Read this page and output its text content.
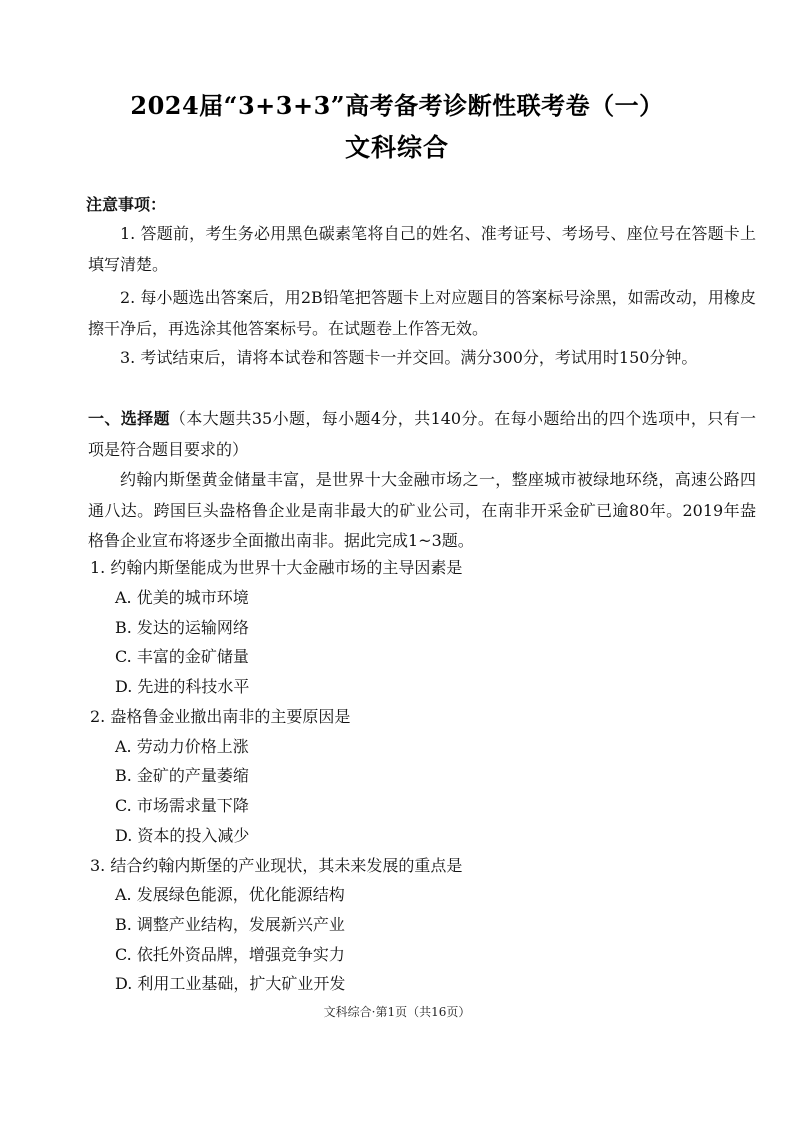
2024届“3+3+3”高考备考诊断性联考卷（一）
文科综合
注意事项：
1. 答题前，考生务必用黑色碳素笔将自己的姓名、准考证号、考场号、座位号在答题卡上填写清楚。
2. 每小题选出答案后，用2B铅笔把答题卡上对应题目的答案标号涂黑，如需改动，用橡皮擦干净后，再选涂其他答案标号。在试题卷上作答无效。
3. 考试结束后，请将本试卷和答题卡一并交回。满分300分，考试用时150分钟。
一、选择题（本大题共35小题，每小题4分，共140分。在每小题给出的四个选项中，只有一项是符合题目要求的）
约翰内斯堡黄金储量丰富，是世界十大金融市场之一，整座城市被绿地环绕，高速公路四通八达。跨国巨头盎格鲁企业是南非最大的矿业公司，在南非开采金矿已逾80年。2019年盎格鲁企业宣布将逐步全面撤出南非。据此完成1~3题。
1. 约翰内斯堡能成为世界十大金融市场的主导因素是
A. 优美的城市环境
B. 发达的运输网络
C. 丰富的金矿储量
D. 先进的科技水平
2. 盎格鲁金业撤出南非的主要原因是
A. 劳动力价格上涨
B. 金矿的产量萎缩
C. 市场需求量下降
D. 资本的投入减少
3. 结合约翰内斯堡的产业现状，其未来发展的重点是
A. 发展绿色能源，优化能源结构
B. 调整产业结构，发展新兴产业
C. 依托外资品牌，增强竞争实力
D. 利用工业基础，扩大矿业开发
文科综合·第1页（共16页）
